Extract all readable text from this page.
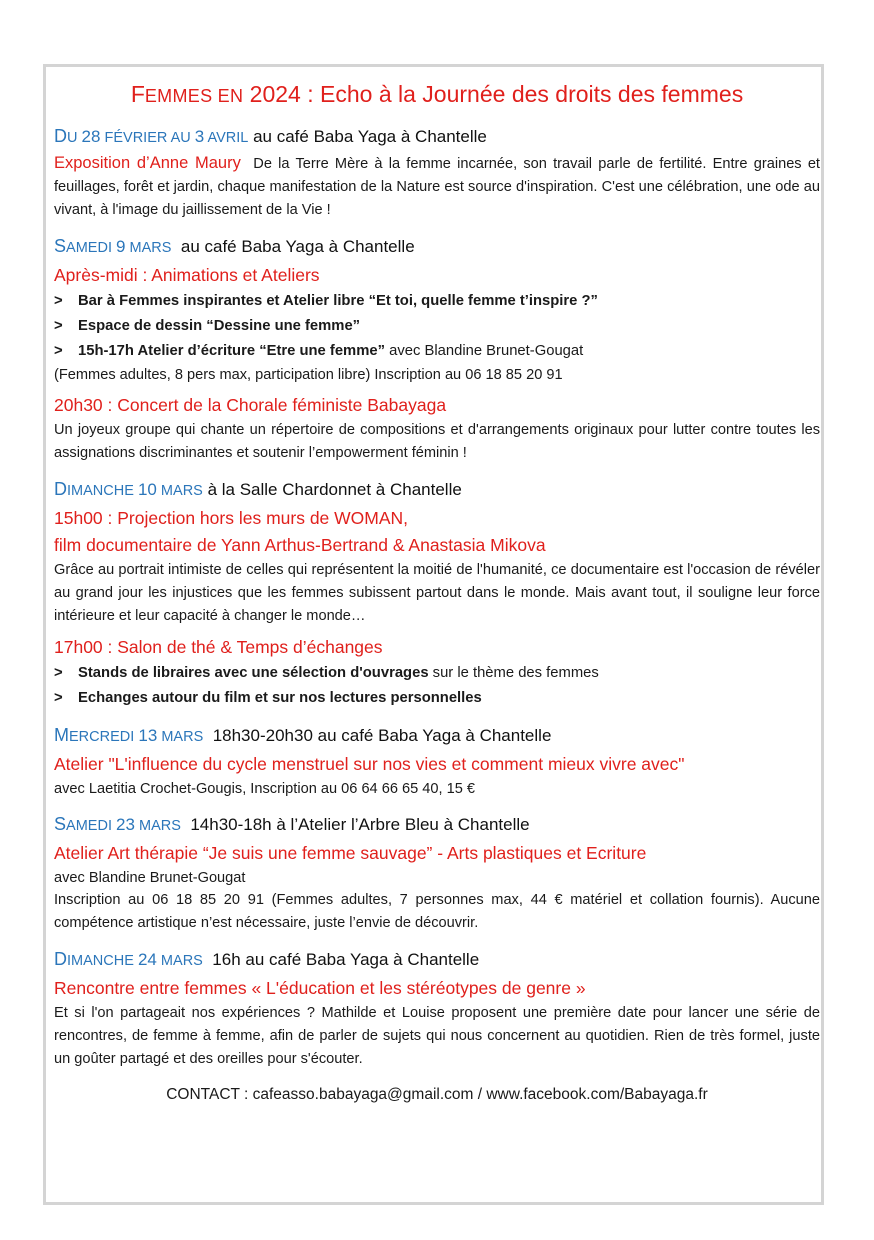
FEMMES EN 2024 : Echo à la Journée des droits des femmes
DU 28 FÉVRIER AU 3 AVRIL au café Baba Yaga à Chantelle
Exposition d’Anne Maury De la Terre Mère à la femme incarnée, son travail parle de fertilité. Entre graines et feuillages, forêt et jardin, chaque manifestation de la Nature est source d'inspiration. C'est une célébration, une ode au vivant, à l'image du jaillissement de la Vie !
SAMEDI 9 MARS au café Baba Yaga à Chantelle
Après-midi : Animations et Ateliers
> Bar à Femmes inspirantes et Atelier libre “Et toi, quelle femme t’inspire ?”
> Espace de dessin “Dessine une femme”
> 15h-17h Atelier d’écriture “Etre une femme” avec Blandine Brunet-Gougat
(Femmes adultes, 8 pers max, participation libre) Inscription au 06 18 85 20 91
20h30 : Concert de la Chorale féministe Babayaga
Un joyeux groupe qui chante un répertoire de compositions et d'arrangements originaux pour lutter contre toutes les assignations discriminantes et soutenir l’empowerment féminin !
DIMANCHE 10 MARS à la Salle Chardonnet à Chantelle
15h00 : Projection hors les murs de WOMAN,
film documentaire de Yann Arthus-Bertrand & Anastasia Mikova
Grâce au portrait intimiste de celles qui représentent la moitié de l'humanité, ce documentaire est l'occasion de révéler au grand jour les injustices que les femmes subissent partout dans le monde. Mais avant tout, il souligne leur force intérieure et leur capacité à changer le monde…
17h00 : Salon de thé & Temps d’échanges
> Stands de libraires avec une sélection d'ouvrages sur le thème des femmes
> Echanges autour du film et sur nos lectures personnelles
MERCREDI 13 MARS 18h30-20h30 au café Baba Yaga à Chantelle
Atelier "L'influence du cycle menstruel sur nos vies et comment mieux vivre avec"
avec Laetitia Crochet-Gougis, Inscription au 06 64 66 65 40, 15 €
SAMEDI 23 MARS 14h30-18h à l’Atelier l’Arbre Bleu à Chantelle
Atelier Art thérapie “Je suis une femme sauvage” - Arts plastiques et Ecriture
avec Blandine Brunet-Gougat
Inscription au 06 18 85 20 91 (Femmes adultes, 7 personnes max, 44 € matériel et collation fournis). Aucune compétence artistique n’est nécessaire, juste l’envie de découvrir.
DIMANCHE 24 MARS 16h au café Baba Yaga à Chantelle
Rencontre entre femmes « L'éducation et les stéréotypes de genre »
Et si l'on partageait nos expériences ? Mathilde et Louise proposent une première date pour lancer une série de rencontres, de femme à femme, afin de parler de sujets qui nous concernent au quotidien. Rien de très formel, juste un goûter partagé et des oreilles pour s'écouter.
CONTACT : cafeasso.babayaga@gmail.com / www.facebook.com/Babayaga.fr
